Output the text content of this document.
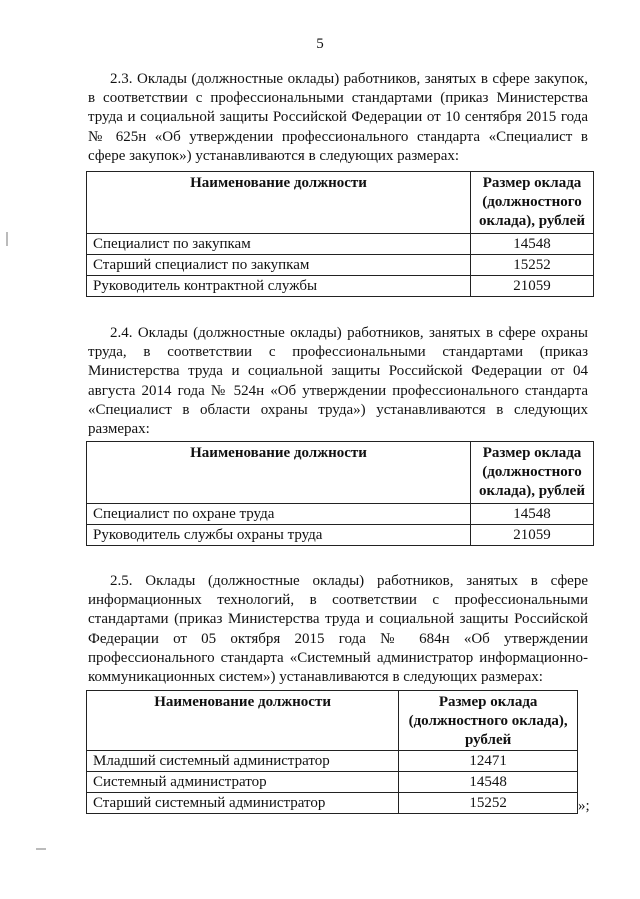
5

2.3. Оклады (должностные оклады) работников, занятых в сфере закупок, в соответствии с профессиональными стандартами (приказ Министерства труда и социальной защиты Российской Федерации от 10 сентября 2015 года № 625н «Об утверждении профессионального стандарта «Специалист в сфере закупок») устанавливаются в следующих размерах:

Наименование должности	Размер оклада (должностного оклада), рублей
Специалист по закупкам	14548
Старший специалист по закупкам	15252
Руководитель контрактной службы	21059

2.4. Оклады (должностные оклады) работников, занятых в сфере охраны труда, в соответствии с профессиональными стандартами (приказ Министерства труда и социальной защиты Российской Федерации от 04 августа 2014 года № 524н «Об утверждении профессионального стандарта «Специалист в области охраны труда») устанавливаются в следующих размерах:

Наименование должности	Размер оклада (должностного оклада), рублей
Специалист по охране труда	14548
Руководитель службы охраны труда	21059

2.5. Оклады (должностные оклады) работников, занятых в сфере информационных технологий, в соответствии с профессиональными стандартами (приказ Министерства труда и социальной защиты Российской Федерации от 05 октября 2015 года № 684н «Об утверждении профессионального стандарта «Системный администратор информационно-коммуникационных систем») устанавливаются в следующих размерах:

Наименование должности	Размер оклада (должностного оклада), рублей
Младший системный администратор	12471
Системный администратор	14548
Старший системный администратор	15252	»;
